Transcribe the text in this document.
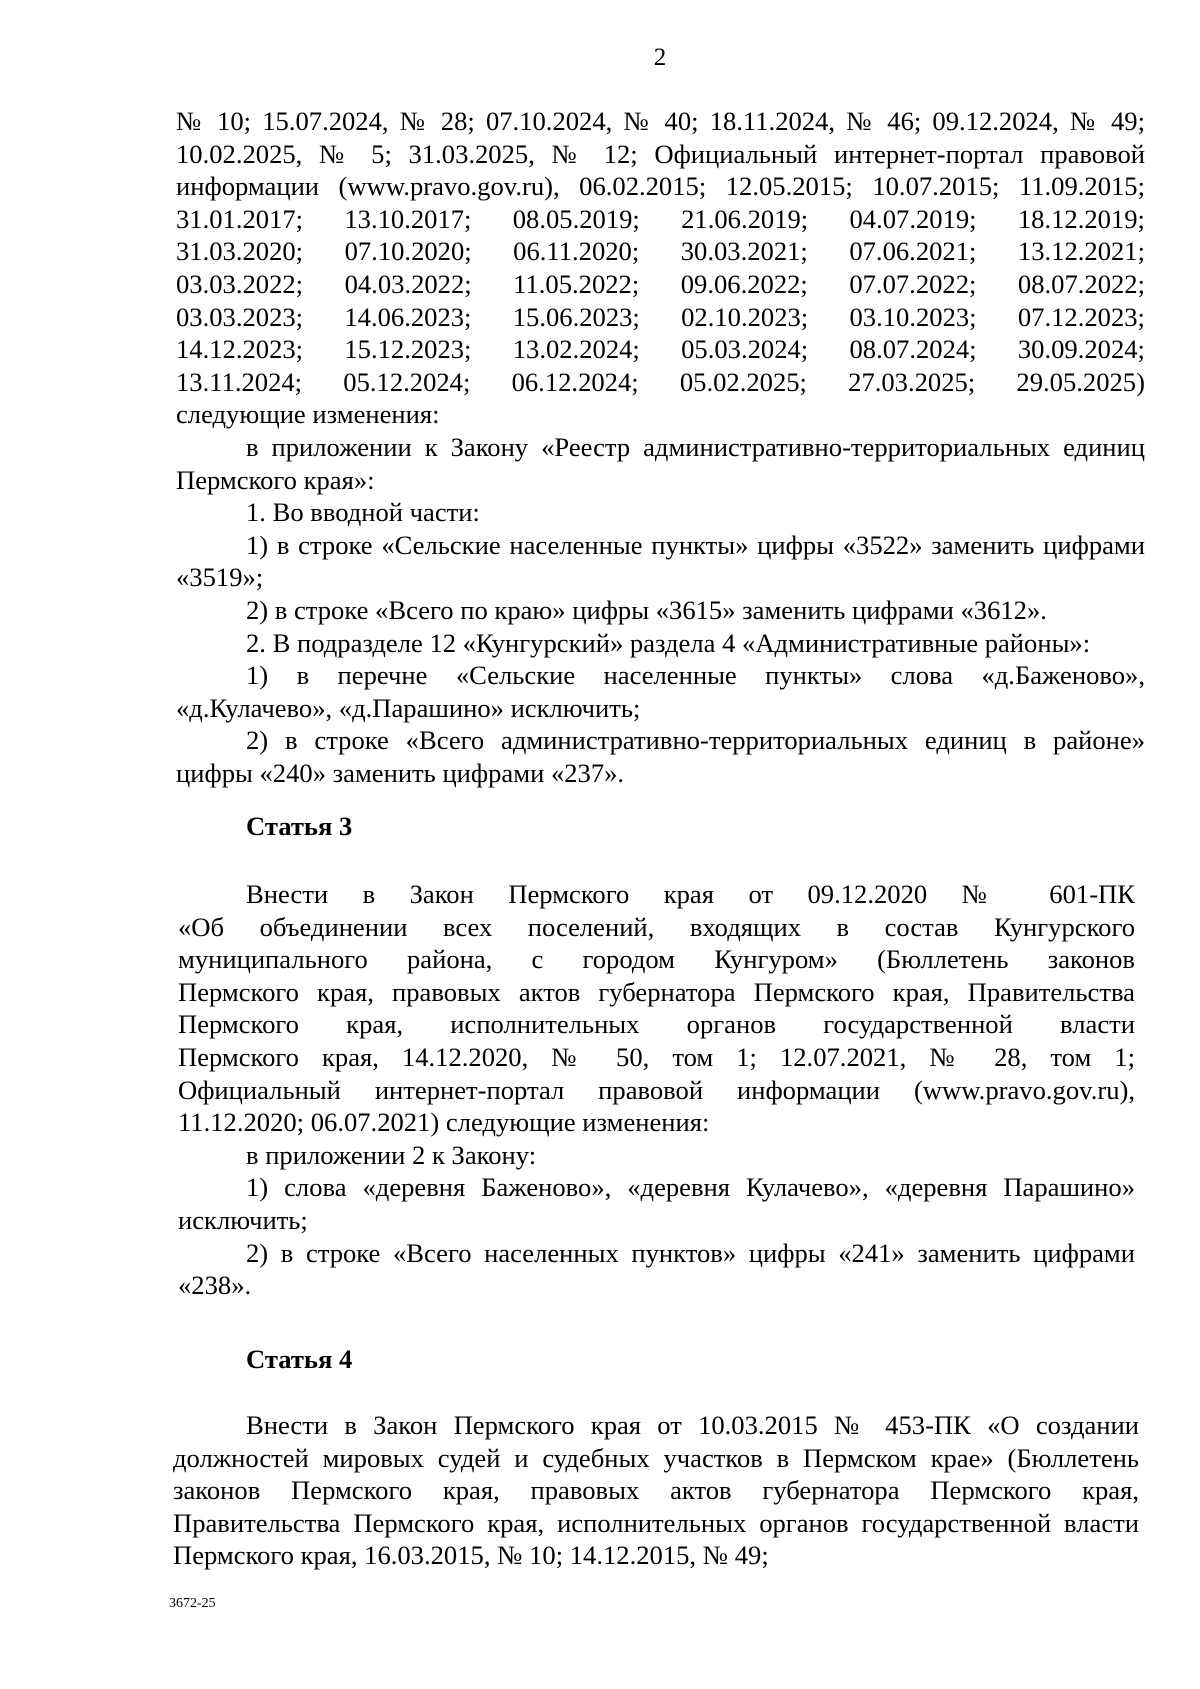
2

№ 10; 15.07.2024, № 28; 07.10.2024, № 40; 18.11.2024, № 46; 09.12.2024, № 49;

10.02.2025, № 5; 31.03.2025, № 12; Официальный интернет-портал правовой

информации (www.pravo.gov.ru), 06.02.2015; 12.05.2015; 10.07.2015; 11.09.2015;

31.01.2017; 13.10.2017; 08.05.2019; 21.06.2019; 04.07.2019; 18.12.2019;
31.03.2020; 07.10.2020; 06.11.2020; 30.03.2021; 07.06.2021; 13.12.2021;
03.03.2022; 04.03.2022; 11.05.2022; 09.06.2022; 07.07.2022; 08.07.2022;
03.03.2023; 14.06.2023; 15.06.2023; 02.10.2023; 03.10.2023; 07.12.2023;
14.12.2023; 15.12.2023; 13.02.2024; 05.03.2024; 08.07.2024; 30.09.2024;
13.11.2024; 05.12.2024; 06.12.2024; 05.02.2025; 27.03.2025; 29.05.2025)

следующие изменения:

в приложении к Закону «Реестр административно-территориальных единиц Пермского края»:

1. Во вводной части:

1) в строке «Сельские населенные пункты» цифры «3522» заменить цифрами «3519»;

2) в строке «Всего по краю» цифры «3615» заменить цифрами «3612».

2. В подразделе 12 «Кунгурский» раздела 4 «Административные районы»:

1) в перечне «Сельские населенные пункты» слова «д.Баженово», «д.Кулачево», «д.Парашино» исключить;

2) в строке «Всего административно-территориальных единиц в районе» цифры «240» заменить цифрами «237».

Статья 3

Внести в Закон Пермского края от 09.12.2020 № 601-ПК

«Об объединении всех поселений, входящих в состав Кунгурского

муниципального района, с городом Кунгуром» (Бюллетень законов

Пермского края, правовых актов губернатора Пермского края, Правительства

Пермского края, исполнительных органов государственной власти

Пермского края, 14.12.2020, № 50, том 1; 12.07.2021, № 28, том 1;

Официальный интернет-портал правовой информации (www.pravo.gov.ru),

11.12.2020; 06.07.2021) следующие изменения:

в приложении 2 к Закону:

1) слова «деревня Баженово», «деревня Кулачево», «деревня Парашино» исключить;

2) в строке «Всего населенных пунктов» цифры «241» заменить цифрами «238».

Статья 4

Внести в Закон Пермского края от 10.03.2015 № 453-ПК «О создании должностей мировых судей и судебных участков в Пермском крае» (Бюллетень законов Пермского края, правовых актов губернатора Пермского края, Правительства Пермского края, исполнительных органов государственной власти Пермского края, 16.03.2015, № 10; 14.12.2015, № 49;

3672-25
